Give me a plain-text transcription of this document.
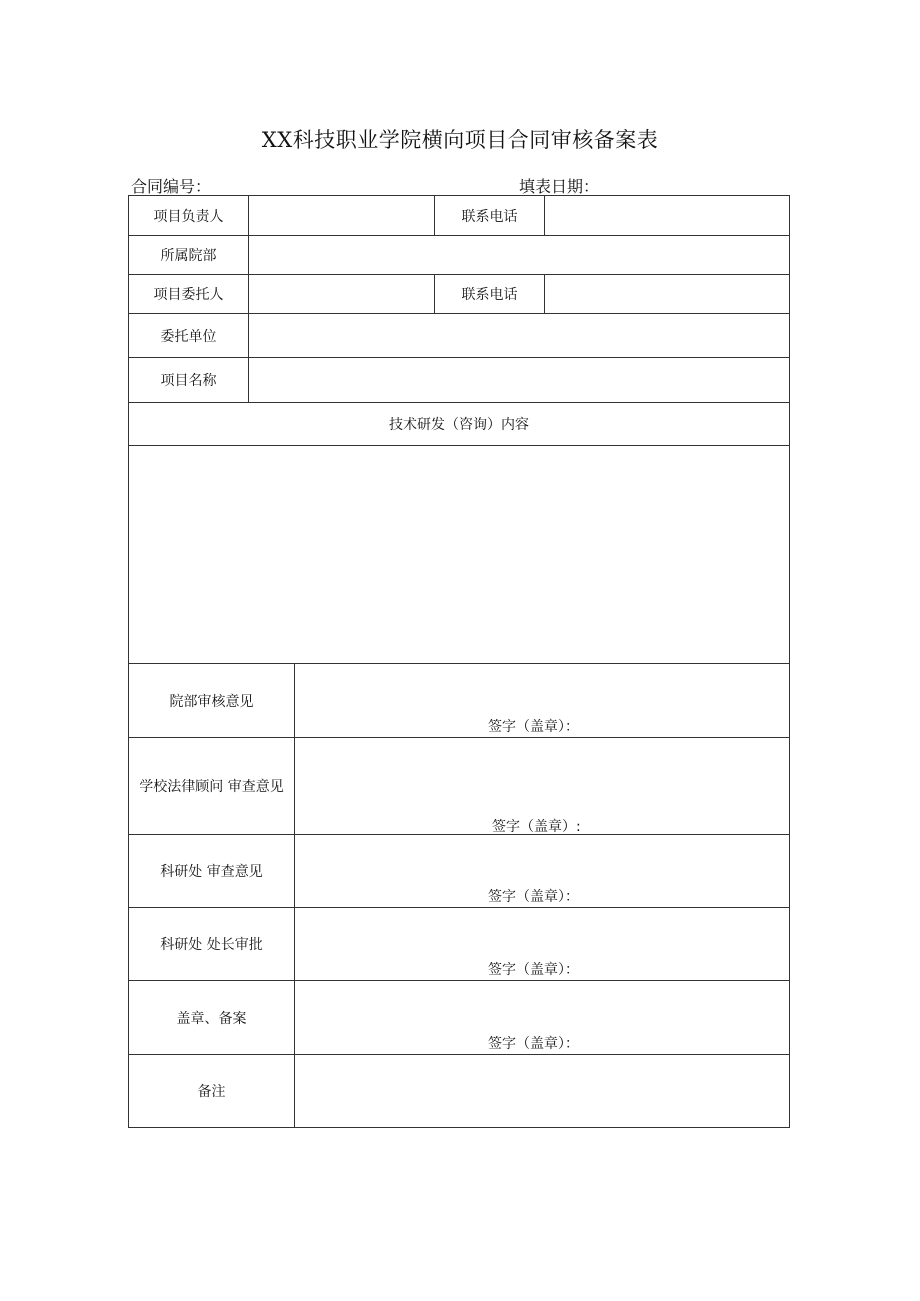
XX科技职业学院横向项目合同审核备案表
合同编号：	填表日期：
项目负责人	联系电话
所属院部
项目委托人	联系电话
委托单位
项目名称
技术研发（咨询）内容
院部审核意见
签字（盖章）：
学校法律顾问 审查意见
签字（盖章）:
科研处 审查意见
签字（盖章）：
科研处 处长审批
签字（盖章）：
盖章、备案
签字（盖章）：
备注
